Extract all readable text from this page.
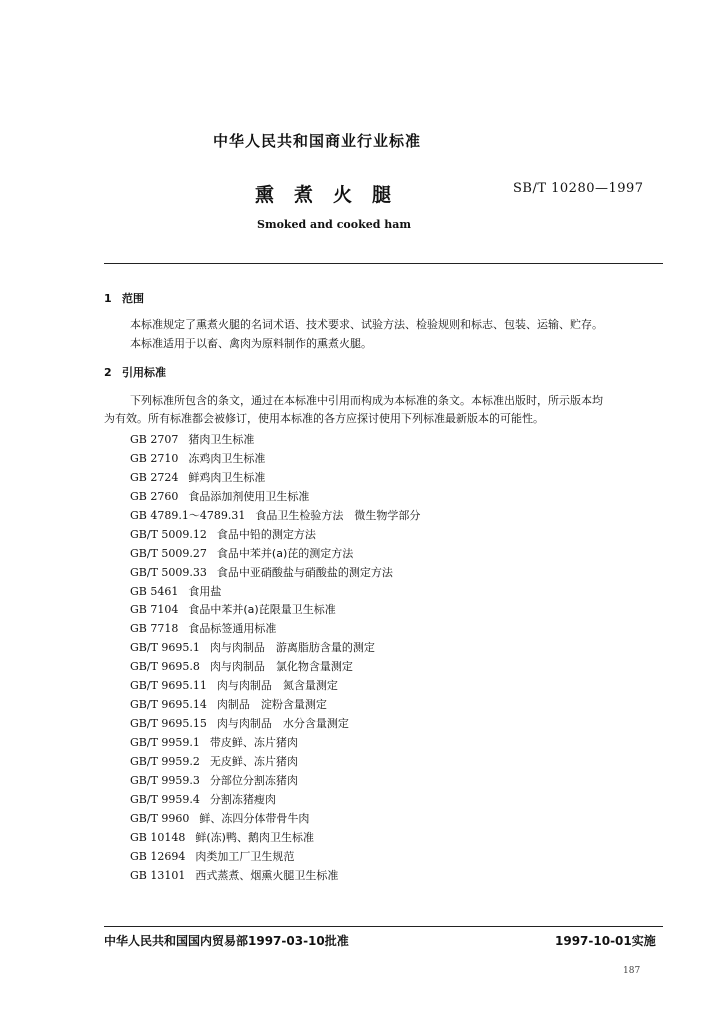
中华人民共和国商业行业标准
熏煮火腿	SB/T 10280—1997
Smoked and cooked ham
1 范围
本标准规定了熏煮火腿的名词术语、技术要求、试验方法、检验规则和标志、包装、运输、贮存。
本标准适用于以畜、禽肉为原料制作的熏煮火腿。
2 引用标准
下列标准所包含的条文，通过在本标准中引用而构成为本标准的条文。本标准出版时，所示版本均
为有效。所有标准都会被修订，使用本标准的各方应探讨使用下列标准最新版本的可能性。
GB 2707 猪肉卫生标准
GB 2710 冻鸡肉卫生标准
GB 2724 鲜鸡肉卫生标准
GB 2760 食品添加剂使用卫生标准
GB 4789.1～4789.31 食品卫生检验方法　微生物学部分
GB/T 5009.12 食品中铅的测定方法
GB/T 5009.27 食品中苯并(a)芘的测定方法
GB/T 5009.33 食品中亚硝酸盐与硝酸盐的测定方法
GB 5461 食用盐
GB 7104 食品中苯并(a)芘限量卫生标准
GB 7718 食品标签通用标准
GB/T 9695.1 肉与肉制品　游离脂肪含量的测定
GB/T 9695.8 肉与肉制品　氯化物含量测定
GB/T 9695.11 肉与肉制品　氮含量测定
GB/T 9695.14 肉制品　淀粉含量测定
GB/T 9695.15 肉与肉制品　水分含量测定
GB/T 9959.1 带皮鲜、冻片猪肉
GB/T 9959.2 无皮鲜、冻片猪肉
GB/T 9959.3 分部位分割冻猪肉
GB/T 9959.4 分割冻猪瘦肉
GB/T 9960 鲜、冻四分体带骨牛肉
GB 10148 鲜(冻)鸭、鹅肉卫生标准
GB 12694 肉类加工厂卫生规范
GB 13101 西式蒸煮、烟熏火腿卫生标准
中华人民共和国国内贸易部1997-03-10批准	1997-10-01实施
187
